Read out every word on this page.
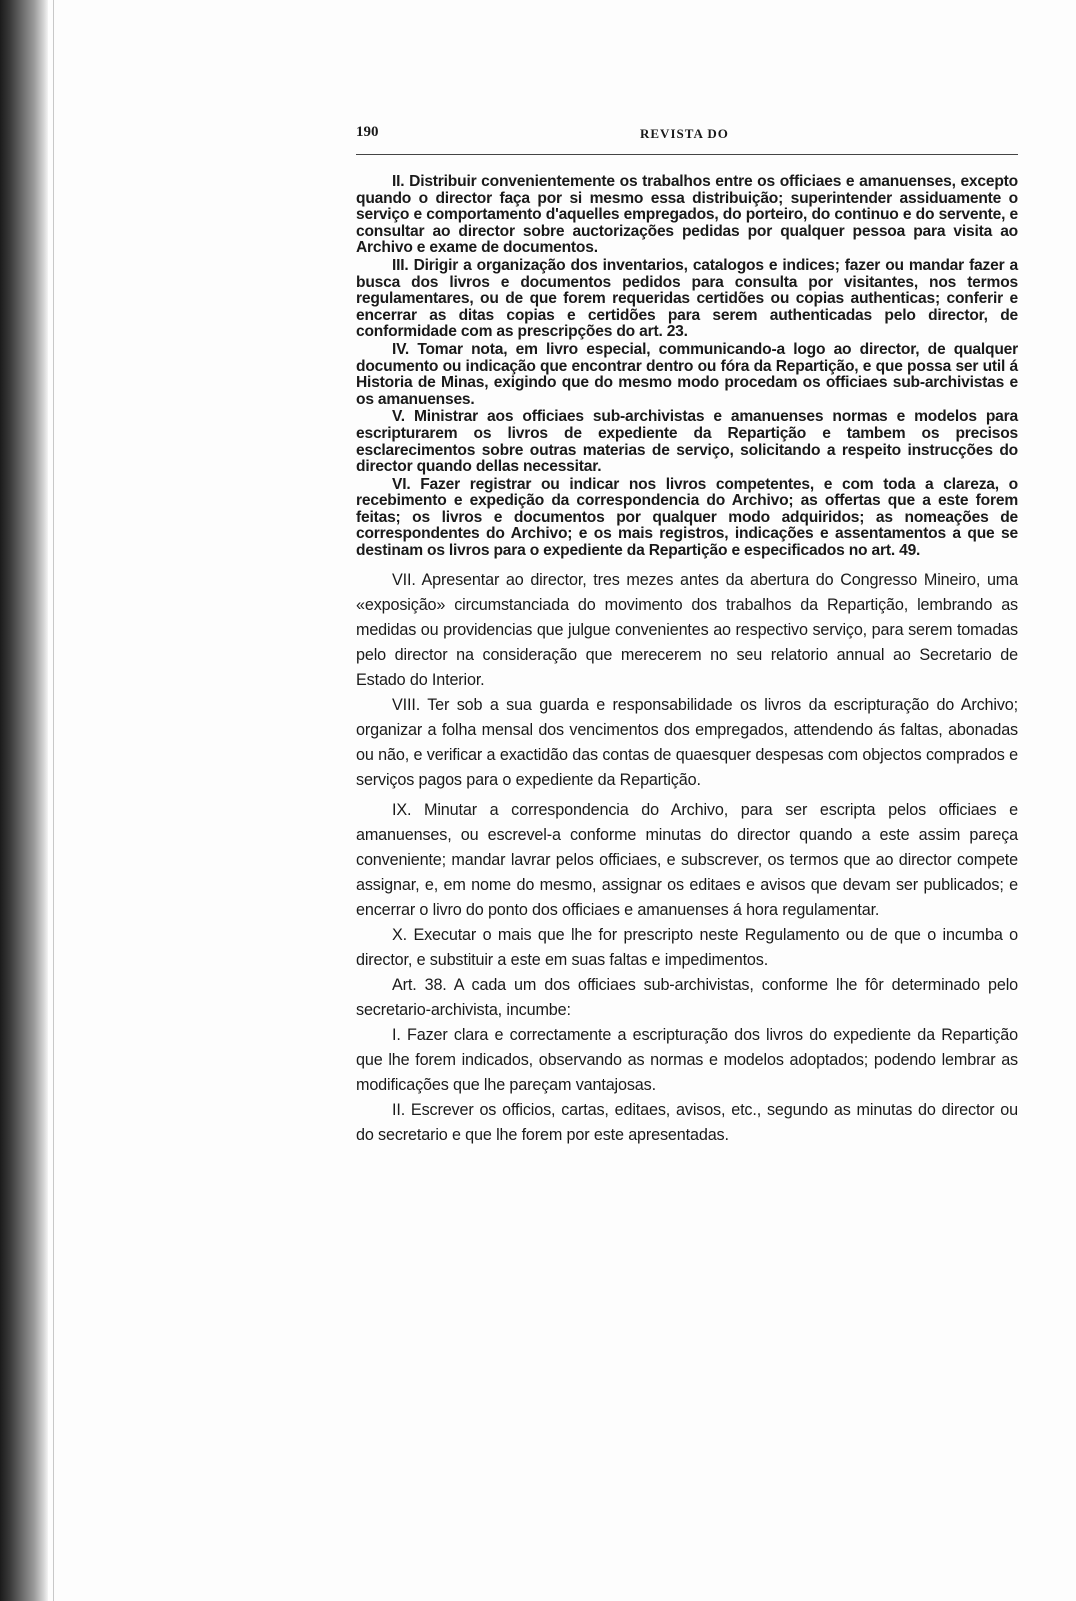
190	REVISTA DO

II. Distribuir convenientemente os trabalhos entre os officiaes e amanuenses, excepto quando o director faça por si mesmo essa distribuição; superintender assiduamente o serviço e comportamento d'aquelles empregados, do porteiro, do continuo e do servente, e consultar ao director sobre auctorizações pedidas por qualquer pessoa para visita ao Archivo e exame de documentos.

III. Dirigir a organização dos inventarios, catalogos e indices; fazer ou mandar fazer a busca dos livros e documentos pedidos para consulta por visitantes, nos termos regulamentares, ou de que forem requeridas certidões ou copias authenticas; conferir e encerrar as ditas copias e certidões para serem authenticadas pelo director, de conformidade com as prescripções do art. 23.

IV. Tomar nota, em livro especial, communicando-a logo ao director, de qualquer documento ou indicação que encontrar dentro ou fóra da Repartição, e que possa ser util á Historia de Minas, exigindo que do mesmo modo procedam os officiaes sub-archivistas e os amanuenses.

V. Ministrar aos officiaes sub-archivistas e amanuenses normas e modelos para escripturarem os livros de expediente da Repartição e tambem os precisos esclarecimentos sobre outras materias de serviço, solicitando a respeito instrucções do director quando dellas necessitar.

VI. Fazer registrar ou indicar nos livros competentes, e com toda a clareza, o recebimento e expedição da correspondencia do Archivo; as offertas que a este forem feitas; os livros e documentos por qualquer modo adquiridos; as nomeações de correspondentes do Archivo; e os mais registros, indicações e assentamentos a que se destinam os livros para o expediente da Repartição e especificados no art. 49.

VII. Apresentar ao director, tres mezes antes da abertura do Congresso Mineiro, uma «exposição» circumstanciada do movimento dos trabalhos da Repartição, lembrando as medidas ou providencias que julgue convenientes ao respectivo serviço, para serem tomadas pelo director na consideração que merecerem no seu relatorio annual ao Secretario de Estado do Interior.

VIII. Ter sob a sua guarda e responsabilidade os livros da escripturação do Archivo; organizar a folha mensal dos vencimentos dos empregados, attendendo ás faltas, abonadas ou não, e verificar a exactidão das contas de quaesquer despesas com objectos comprados e serviços pagos para o expediente da Repartição.

IX. Minutar a correspondencia do Archivo, para ser escripta pelos officiaes e amanuenses, ou escrevel-a conforme minutas do director quando a este assim pareça conveniente; mandar lavrar pelos officiaes, e subscrever, os termos que ao director compete assignar, e, em nome do mesmo, assignar os editaes e avisos que devam ser publicados; e encerrar o livro do ponto dos officiaes e amanuenses á hora regulamentar.

X. Executar o mais que lhe for prescripto neste Regulamento ou de que o incumba o director, e substituir a este em suas faltas e impedimentos.

Art. 38. A cada um dos officiaes sub-archivistas, conforme lhe fôr determinado pelo secretario-archivista, incumbe:

I. Fazer clara e correctamente a escripturação dos livros do expediente da Repartição que lhe forem indicados, observando as normas e modelos adoptados; podendo lembrar as modificações que lhe pareçam vantajosas.

II. Escrever os officios, cartas, editaes, avisos, etc., segundo as minutas do director ou do secretario e que lhe forem por este apresentadas.
